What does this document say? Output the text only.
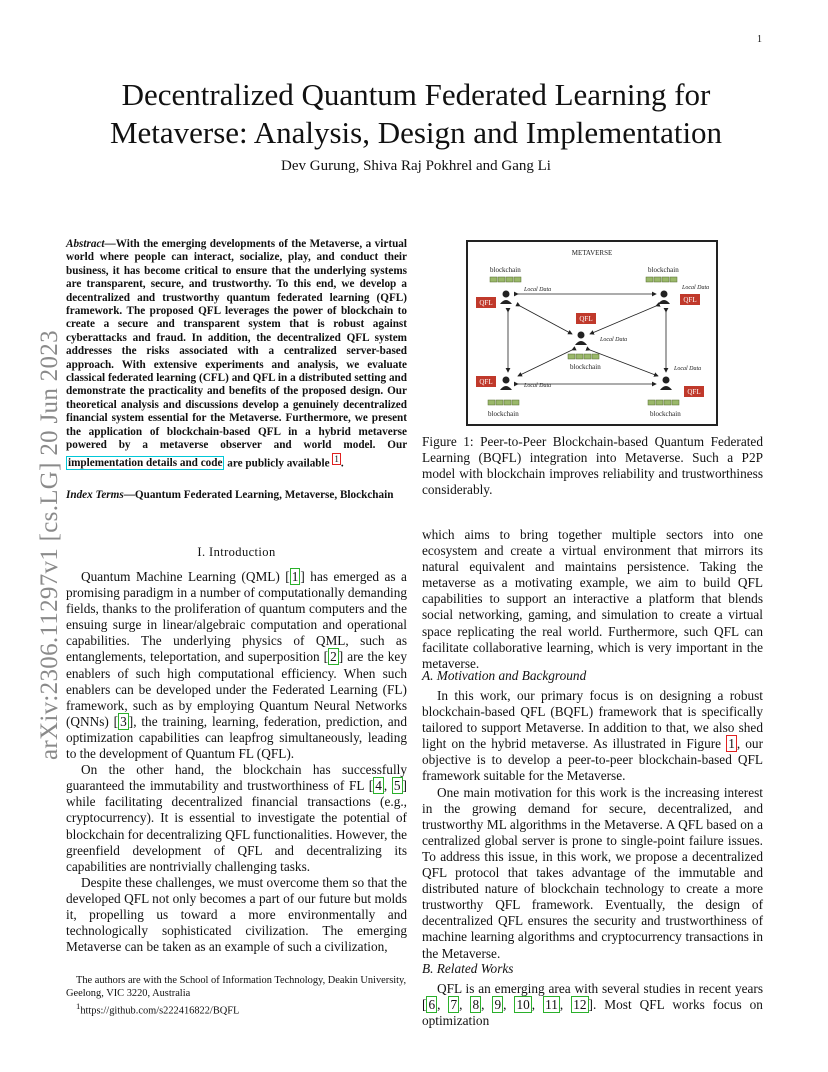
1
arXiv:2306.11297v1 [cs.LG] 20 Jun 2023
Decentralized Quantum Federated Learning for
Metaverse: Analysis, Design and Implementation
Dev Gurung, Shiva Raj Pokhrel and Gang Li
Abstract—With the emerging developments of the Metaverse, a virtual world where people can interact, socialize, play, and conduct their business, it has become critical to ensure that the underlying systems are transparent, secure, and trustworthy. To this end, we develop a decentralized and trustworthy quantum federated learning (QFL) framework. The proposed QFL leverages the power of blockchain to create a secure and transparent system that is robust against cyberattacks and fraud. In addition, the decentralized QFL system addresses the risks associated with a centralized server-based approach. With extensive experiments and analysis, we evaluate classical federated learning (CFL) and QFL in a distributed setting and demonstrate the practicality and benefits of the proposed design. Our theoretical analysis and discussions develop a genuinely decentralized financial system essential for the Metaverse. Furthermore, we present the application of blockchain-based QFL in a hybrid metaverse powered by a metaverse observer and world model. Our implementation details and code are publicly available $^1$ .
Index Terms—Quantum Federated Learning, Metaverse, Blockchain
I. Introduction

Quantum Machine Learning (QML) [ 1 ] has emerged as a promising paradigm in a number of computationally demanding fields, thanks to the proliferation of quantum computers and the ensuing surge in linear/algebraic computation and operational capabilities. The underlying physics of QML, such as entanglements, teleportation, and superposition [ 2 ] are the key enablers of such high computational efficiency. When such enablers can be developed under the Federated Learning (FL) framework, such as by employing Quantum Neural Networks (QNNs) [ 3 ], the training, learning, federation, prediction, and optimization capabilities can leapfrog simultaneously, leading to the development of Quantum FL (QFL).

On the other hand, the blockchain has successfully guaranteed the immutability and trustworthiness of FL [ 4 , 5 ] while facilitating decentralized financial transactions (e.g., cryptocurrency). It is essential to investigate the potential of blockchain for decentralizing QFL functionalities. However, the greenfield development of QFL and decentralizing its capabilities are nontrivially challenging tasks.

Despite these challenges, we must overcome them so that the developed QFL not only becomes a part of our future but molds it, propelling us toward a more environmentally and technologically sophisticated civilization. The emerging Metaverse can be taken as an example of such a civilization,

The authors are with the School of Information Technology, Deakin University, Geelong, VIC 3220, Australia

$^1$https://github.com/s222416822/BQFL

METAVERSE
blockchain
QFL
Local Data
blockchain
QFL
Local Data
QFL
Local Data
blockchain
QFL	Local Data
blockchain
Local Data
QFL
blockchain
Figure 1: Peer-to-Peer Blockchain-based Quantum Federated Learning (BQFL) integration into Metaverse. Such a P2P model with blockchain improves reliability and trustworthiness considerably.

which aims to bring together multiple sectors into one ecosystem and create a virtual environment that mirrors its natural equivalent and maintains persistence. Taking the metaverse as a motivating example, we aim to build QFL capabilities to support an interactive a platform that blends social networking, gaming, and simulation to create a virtual space replicating the real world. Furthermore, such QFL can facilitate collaborative learning, which is very important in the metaverse.

A. Motivation and Background

In this work, our primary focus is on designing a robust blockchain-based QFL (BQFL) framework that is specifically tailored to support Metaverse. In addition to that, we also shed light on the hybrid metaverse. As illustrated in Figure 1 , our objective is to develop a peer-to-peer blockchain-based QFL framework suitable for the Metaverse.

One main motivation for this work is the increasing interest in the growing demand for secure, decentralized, and trustworthy ML algorithms in the Metaverse. A QFL based on a centralized global server is prone to single-point failure issues. To address this issue, in this work, we propose a decentralized QFL protocol that takes advantage of the immutable and distributed nature of blockchain technology to create a more trustworthy QFL framework. Eventually, the design of decentralized QFL ensures the security and trustworthiness of machine learning algorithms and cryptocurrency transactions in the Metaverse.

B. Related Works

QFL is an emerging area with several studies in recent years [ 6 , 7 , 8 , 9 , 10 , 11 , 12 ]. Most QFL works focus on optimization
